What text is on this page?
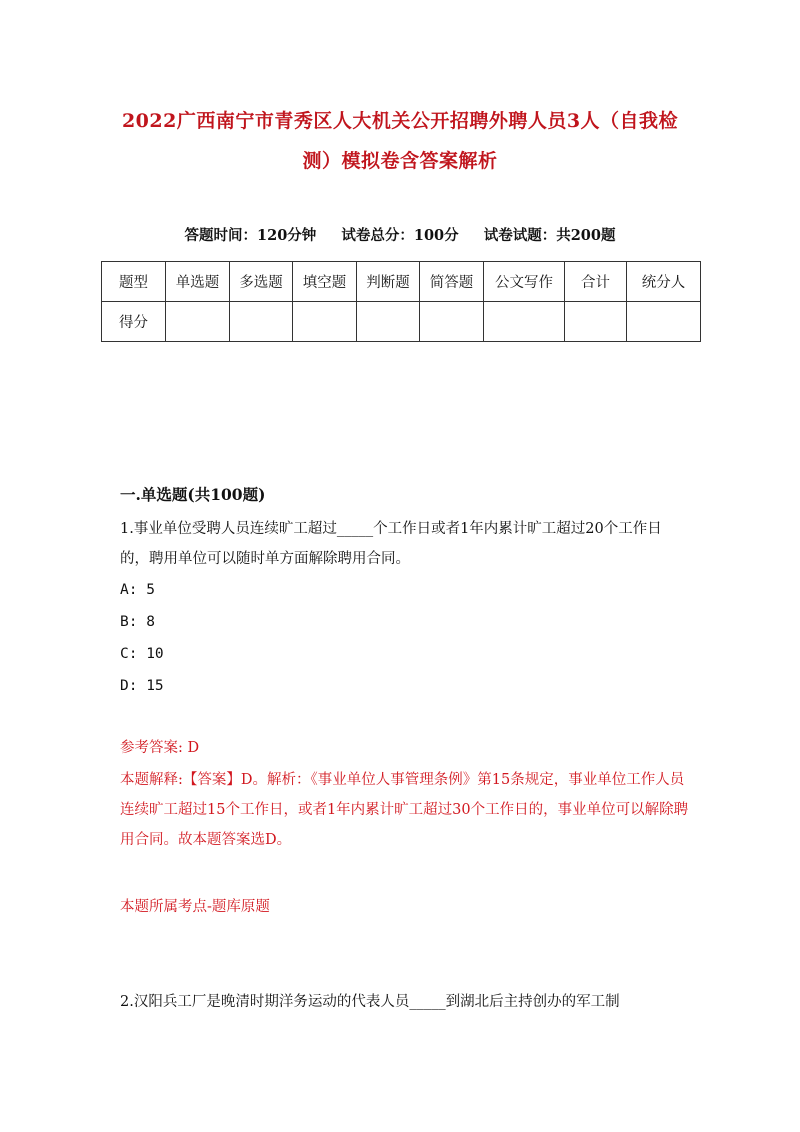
2022广西南宁市青秀区人大机关公开招聘外聘人员3人（自我检
测）模拟卷含答案解析
答题时间：120分钟 试卷总分：100分 试卷试题：共200题
题型	单选题	多选题	填空题	判断题	简答题	公文写作	合计	统分人
得分								
一.单选题(共100题)
1.事业单位受聘人员连续旷工超过_____个工作日或者1年内累计旷工超过20个工作日的，聘用单位可以随时单方面解除聘用合同。
A: 5
B: 8
C: 10
D: 15
参考答案: D
本题解释:【答案】D。解析：《事业单位人事管理条例》第15条规定，事业单位工作人员连续旷工超过15个工作日，或者1年内累计旷工超过30个工作日的，事业单位可以解除聘用合同。故本题答案选D。
本题所属考点-题库原题
2.汉阳兵工厂是晚清时期洋务运动的代表人员_____到湖北后主持创办的军工制
